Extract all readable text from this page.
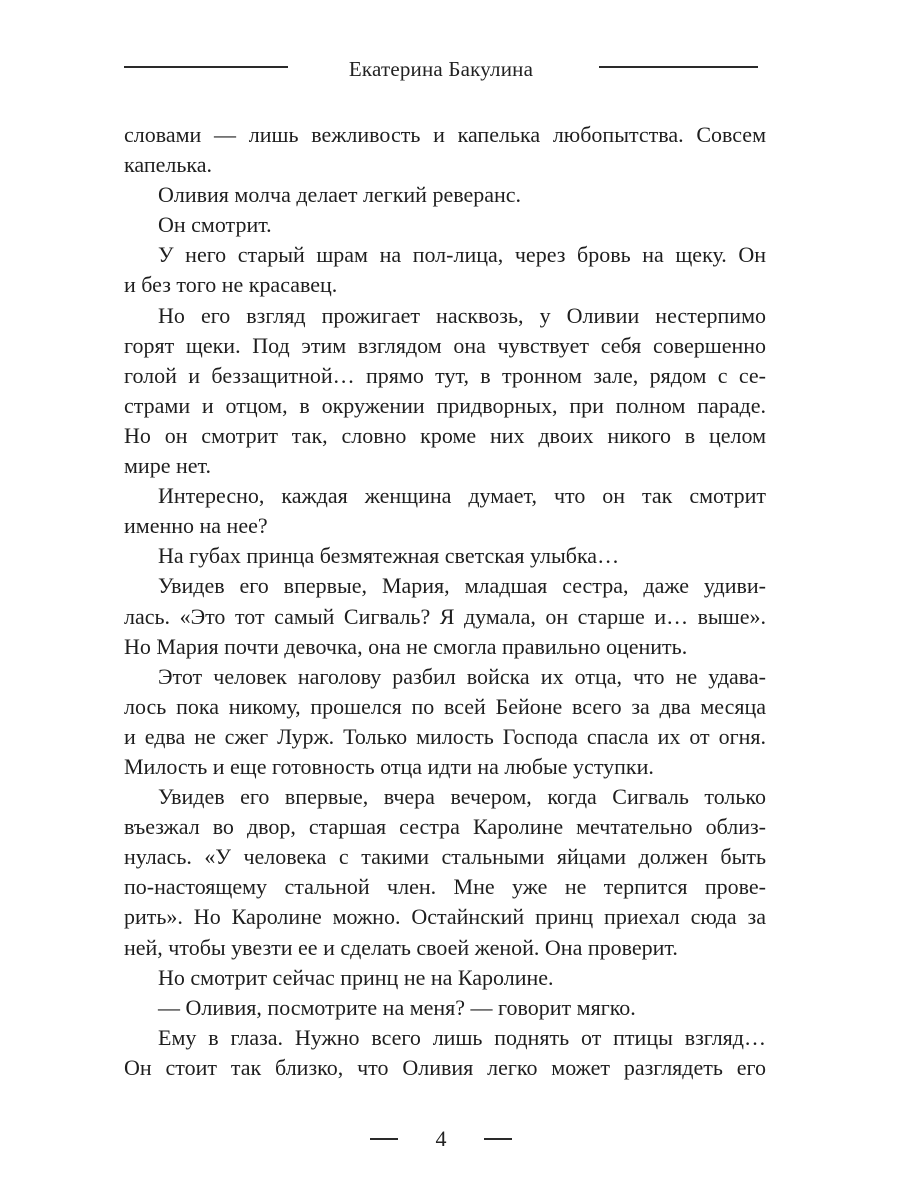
Екатерина Бакулина
словами — лишь вежливость и капелька любопытства. Совсем
капелька.
Оливия молча делает легкий реверанс.
Он смотрит.
У него старый шрам на пол-лица, через бровь на щеку. Он
и без того не красавец.
Но его взгляд прожигает насквозь, у Оливии нестерпимо
горят щеки. Под этим взглядом она чувствует себя совершенно
голой и беззащитной… прямо тут, в тронном зале, рядом с се-
страми и отцом, в окружении придворных, при полном параде.
Но он смотрит так, словно кроме них двоих никого в целом
мире нет.
Интересно, каждая женщина думает, что он так смотрит
именно на нее?
На губах принца безмятежная светская улыбка…
Увидев его впервые, Мария, младшая сестра, даже удиви-
лась. «Это тот самый Сигваль? Я думала, он старше и… выше».
Но Мария почти девочка, она не смогла правильно оценить.
Этот человек наголову разбил войска их отца, что не удава-
лось пока никому, прошелся по всей Бейоне всего за два месяца
и едва не сжег Лурж. Только милость Господа спасла их от огня.
Милость и еще готовность отца идти на любые уступки.
Увидев его впервые, вчера вечером, когда Сигваль только
въезжал во двор, старшая сестра Каролине мечтательно облиз-
нулась. «У человека с такими стальными яйцами должен быть
по-настоящему стальной член. Мне уже не терпится прове-
рить». Но Каролине можно. Остайнский принц приехал сюда за
ней, чтобы увезти ее и сделать своей женой. Она проверит.
Но смотрит сейчас принц не на Каролине.
— Оливия, посмотрите на меня? — говорит мягко.
Ему в глаза. Нужно всего лишь поднять от птицы взгляд…
Он стоит так близко, что Оливия легко может разглядеть его
4
